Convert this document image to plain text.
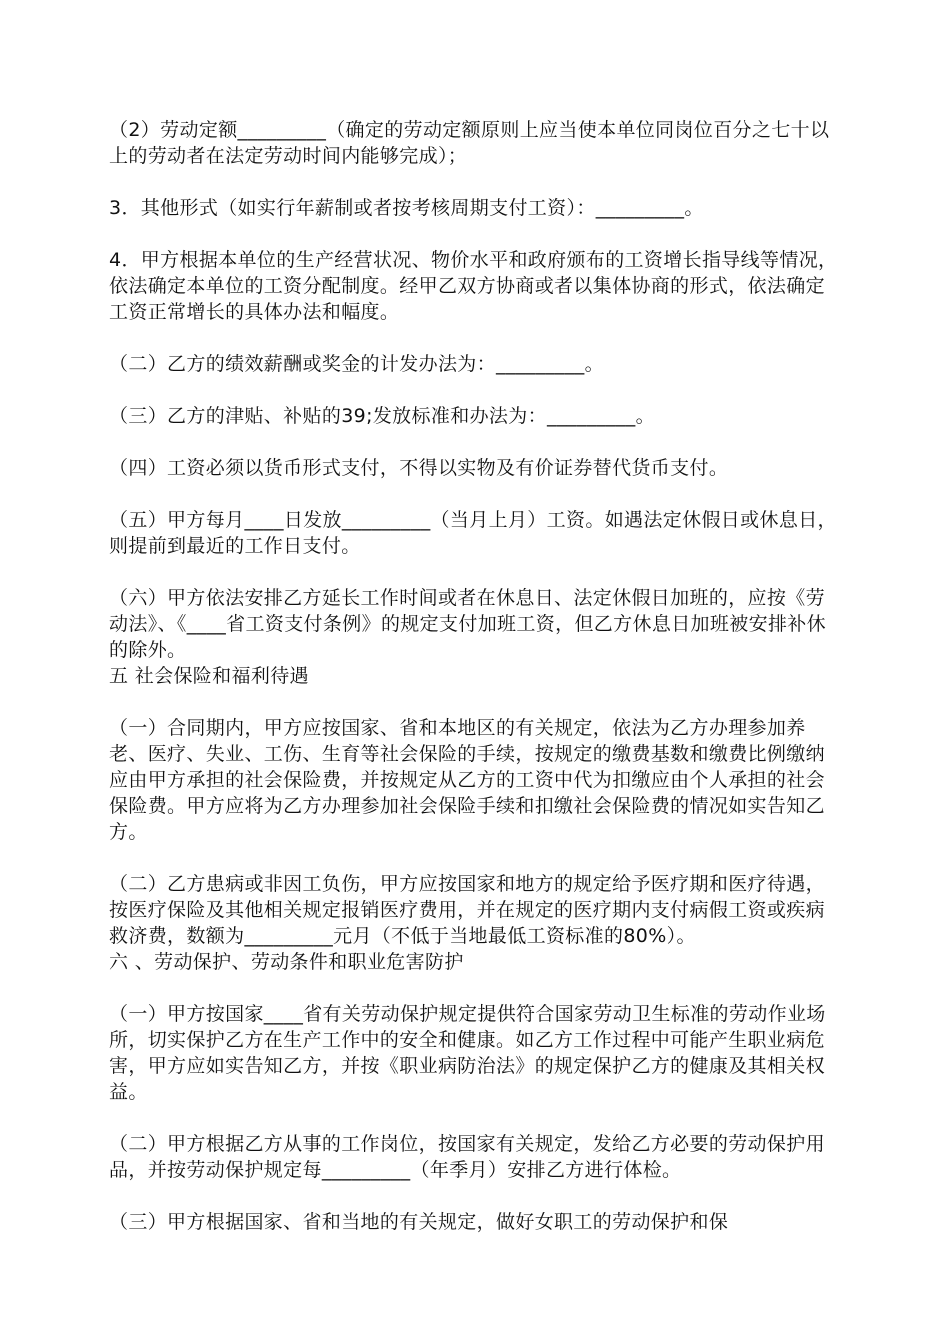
（2）劳动定额_________（确定的劳动定额原则上应当使本单位同岗位百分之七十以上的劳动者在法定劳动时间内能够完成）；

3．其他形式（如实行年薪制或者按考核周期支付工资）：_________。

4．甲方根据本单位的生产经营状况、物价水平和政府颁布的工资增长指导线等情况，依法确定本单位的工资分配制度。经甲乙双方协商或者以集体协商的形式，依法确定工资正常增长的具体办法和幅度。

（二）乙方的绩效薪酬或奖金的计发办法为：_________。

（三）乙方的津贴、补贴的39;发放标准和办法为：_________。

（四）工资必须以货币形式支付，不得以实物及有价证券替代货币支付。

（五）甲方每月____日发放_________（当月上月）工资。如遇法定休假日或休息日，则提前到最近的工作日支付。

（六）甲方依法安排乙方延长工作时间或者在休息日、法定休假日加班的，应按《劳动法》、《____省工资支付条例》的规定支付加班工资，但乙方休息日加班被安排补休的除外。

五 社会保险和福利待遇

（一）合同期内，甲方应按国家、省和本地区的有关规定，依法为乙方办理参加养老、医疗、失业、工伤、生育等社会保险的手续，按规定的缴费基数和缴费比例缴纳应由甲方承担的社会保险费，并按规定从乙方的工资中代为扣缴应由个人承担的社会保险费。甲方应将为乙方办理参加社会保险手续和扣缴社会保险费的情况如实告知乙方。

（二）乙方患病或非因工负伤，甲方应按国家和地方的规定给予医疗期和医疗待遇，按医疗保险及其他相关规定报销医疗费用，并在规定的医疗期内支付病假工资或疾病救济费，数额为_________元月（不低于当地最低工资标准的80%）。

六 、劳动保护、劳动条件和职业危害防护

（一）甲方按国家____省有关劳动保护规定提供符合国家劳动卫生标准的劳动作业场所，切实保护乙方在生产工作中的安全和健康。如乙方工作过程中可能产生职业病危害，甲方应如实告知乙方，并按《职业病防治法》的规定保护乙方的健康及其相关权益。

（二）甲方根据乙方从事的工作岗位，按国家有关规定，发给乙方必要的劳动保护用品，并按劳动保护规定每_________（年季月）安排乙方进行体检。

（三）甲方根据国家、省和当地的有关规定，做好女职工的劳动保护和保
